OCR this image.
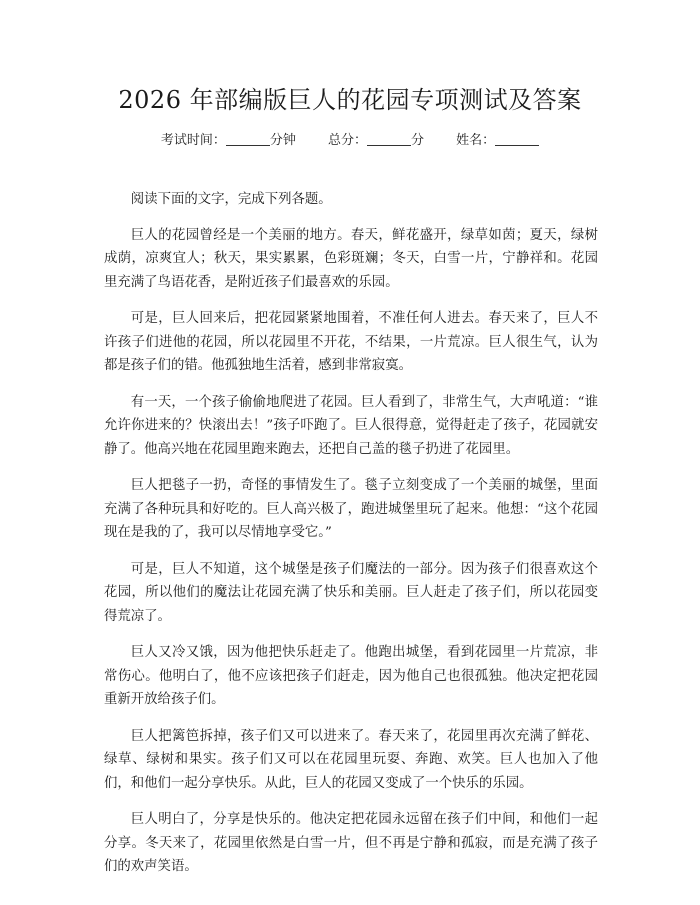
2026 年部编版巨人的花园专项测试及答案
考试时间：	分钟 总分：	分 姓名：

阅读下面的文字，完成下列各题。

巨人的花园曾经是一个美丽的地方。春天，鲜花盛开，绿草如茵；夏天，绿树成荫，凉爽宜人；秋天，果实累累，色彩斑斓；冬天，白雪一片，宁静祥和。花园里充满了鸟语花香，是附近孩子们最喜欢的乐园。

可是，巨人回来后，把花园紧紧地围着，不准任何人进去。春天来了，巨人不许孩子们进他的花园，所以花园里不开花，不结果，一片荒凉。巨人很生气，认为都是孩子们的错。他孤独地生活着，感到非常寂寞。

有一天，一个孩子偷偷地爬进了花园。巨人看到了，非常生气，大声吼道：“谁允许你进来的？快滚出去！”孩子吓跑了。巨人很得意，觉得赶走了孩子，花园就安静了。他高兴地在花园里跑来跑去，还把自己盖的毯子扔进了花园里。

巨人把毯子一扔，奇怪的事情发生了。毯子立刻变成了一个美丽的城堡，里面充满了各种玩具和好吃的。巨人高兴极了，跑进城堡里玩了起来。他想：“这个花园现在是我的了，我可以尽情地享受它。”

可是，巨人不知道，这个城堡是孩子们魔法的一部分。因为孩子们很喜欢这个花园，所以他们的魔法让花园充满了快乐和美丽。巨人赶走了孩子们，所以花园变得荒凉了。

巨人又冷又饿，因为他把快乐赶走了。他跑出城堡，看到花园里一片荒凉，非常伤心。他明白了，他不应该把孩子们赶走，因为他自己也很孤独。他决定把花园重新开放给孩子们。

巨人把篱笆拆掉，孩子们又可以进来了。春天来了，花园里再次充满了鲜花、绿草、绿树和果实。孩子们又可以在花园里玩耍、奔跑、欢笑。巨人也加入了他们，和他们一起分享快乐。从此，巨人的花园又变成了一个快乐的乐园。

巨人明白了，分享是快乐的。他决定把花园永远留在孩子们中间，和他们一起分享。冬天来了，花园里依然是白雪一片，但不再是宁静和孤寂，而是充满了孩子们的欢声笑语。
